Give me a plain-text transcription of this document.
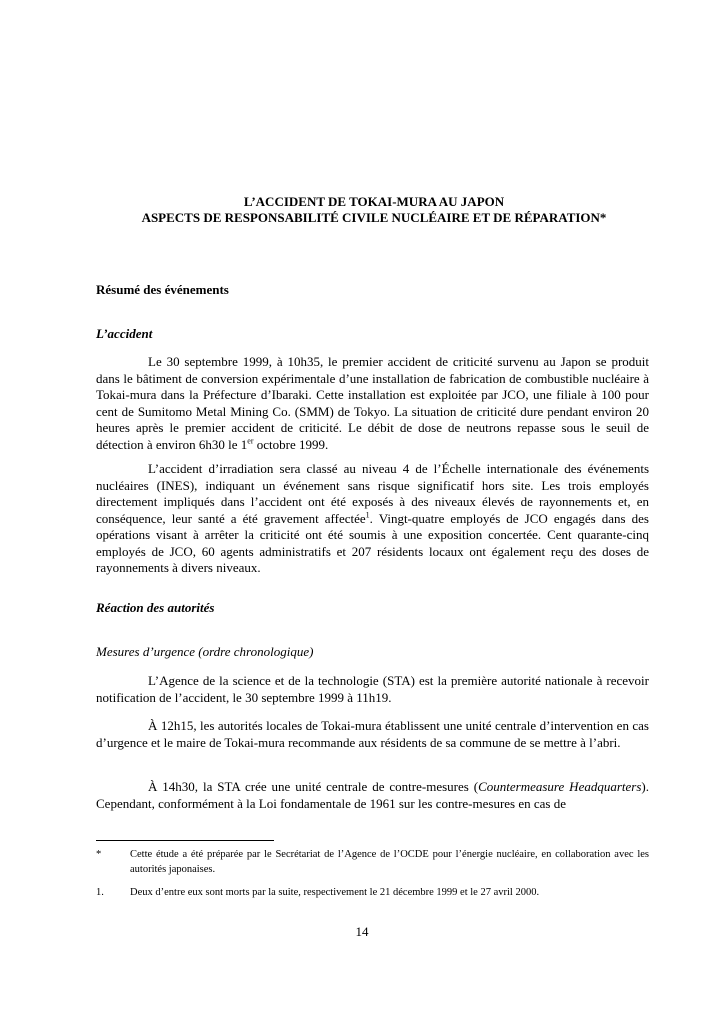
L’ACCIDENT DE TOKAI-MURA AU JAPON
ASPECTS DE RESPONSABILITÉ CIVILE NUCLÉAIRE ET DE RÉPARATION*
Résumé des événements
L’accident
Le 30 septembre 1999, à 10h35, le premier accident de criticité survenu au Japon se produit dans le bâtiment de conversion expérimentale d’une installation de fabrication de combustible nucléaire à Tokai-mura dans la Préfecture d’Ibaraki. Cette installation est exploitée par JCO, une filiale à 100 pour cent de Sumitomo Metal Mining Co. (SMM) de Tokyo. La situation de criticité dure pendant environ 20 heures après le premier accident de criticité. Le débit de dose de neutrons repasse sous le seuil de détection à environ 6h30 le 1er octobre 1999.
L’accident d’irradiation sera classé au niveau 4 de l’Échelle internationale des événements nucléaires (INES), indiquant un événement sans risque significatif hors site. Les trois employés directement impliqués dans l’accident ont été exposés à des niveaux élevés de rayonnements et, en conséquence, leur santé a été gravement affectée$^1$. Vingt-quatre employés de JCO engagés dans des opérations visant à arrêter la criticité ont été soumis à une exposition concertée. Cent quarante-cinq employés de JCO, 60 agents administratifs et 207 résidents locaux ont également reçu des doses de rayonnements à divers niveaux.
Réaction des autorités
Mesures d’urgence (ordre chronologique)
L’Agence de la science et de la technologie (STA) est la première autorité nationale à recevoir notification de l’accident, le 30 septembre 1999 à 11h19.
À 12h15, les autorités locales de Tokai-mura établissent une unité centrale d’intervention en cas d’urgence et le maire de Tokai-mura recommande aux résidents de sa commune de se mettre à l’abri.
À 14h30, la STA crée une unité centrale de contre-mesures (Countermeasure Headquarters). Cependant, conformément à la Loi fondamentale de 1961 sur les contre-mesures en cas de
*	Cette étude a été préparée par le Secrétariat de l’Agence de l’OCDE pour l’énergie nucléaire, en collaboration avec les autorités japonaises.
1. Deux d’entre eux sont morts par la suite, respectivement le 21 décembre 1999 et le 27 avril 2000.
14
